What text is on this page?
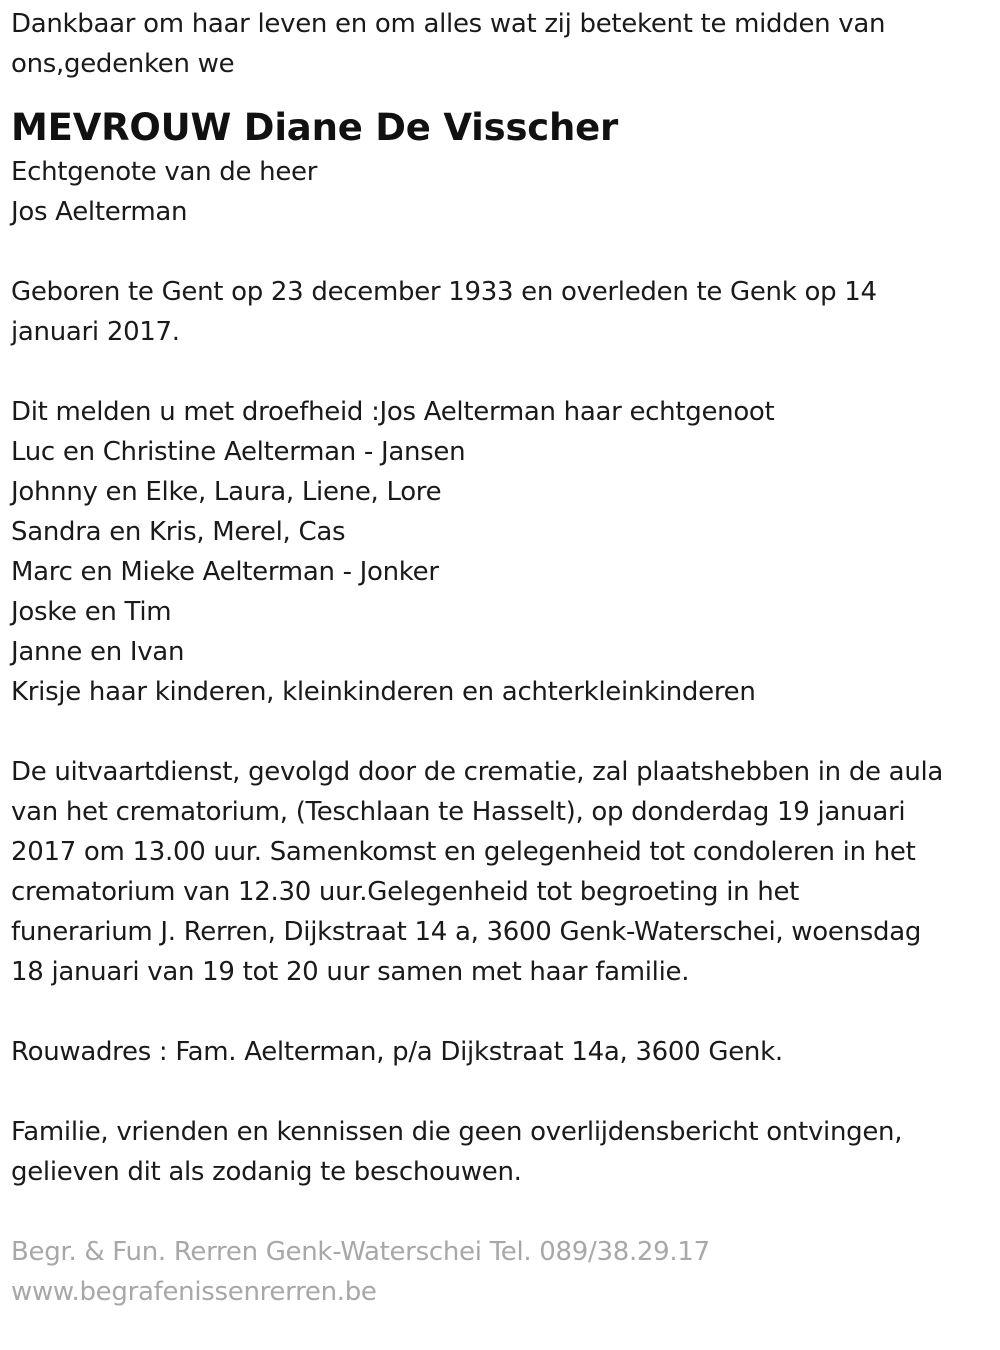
Dankbaar om haar leven en om alles wat zij betekent te midden van
ons,gedenken we
MEVROUW Diane De Visscher
Echtgenote van de heer
Jos Aelterman
Geboren te Gent op 23 december 1933 en overleden te Genk op 14
januari 2017.
Dit melden u met droefheid :Jos Aelterman haar echtgenoot
Luc en Christine Aelterman - Jansen
Johnny en Elke, Laura, Liene, Lore
Sandra en Kris, Merel, Cas
Marc en Mieke Aelterman - Jonker
Joske en Tim
Janne en Ivan
Krisje haar kinderen, kleinkinderen en achterkleinkinderen
De uitvaartdienst, gevolgd door de crematie, zal plaatshebben in de aula
van het crematorium, (Teschlaan te Hasselt), op donderdag 19 januari
2017 om 13.00 uur. Samenkomst en gelegenheid tot condoleren in het
crematorium van 12.30 uur.Gelegenheid tot begroeting in het
funerarium J. Rerren, Dijkstraat 14 a, 3600 Genk-Waterschei, woensdag
18 januari van 19 tot 20 uur samen met haar familie.
Rouwadres : Fam. Aelterman, p/a Dijkstraat 14a, 3600 Genk.
Familie, vrienden en kennissen die geen overlijdensbericht ontvingen,
gelieven dit als zodanig te beschouwen.
Begr. & Fun. Rerren Genk-Waterschei Tel. 089/38.29.17
www.begrafenissenrerren.be
